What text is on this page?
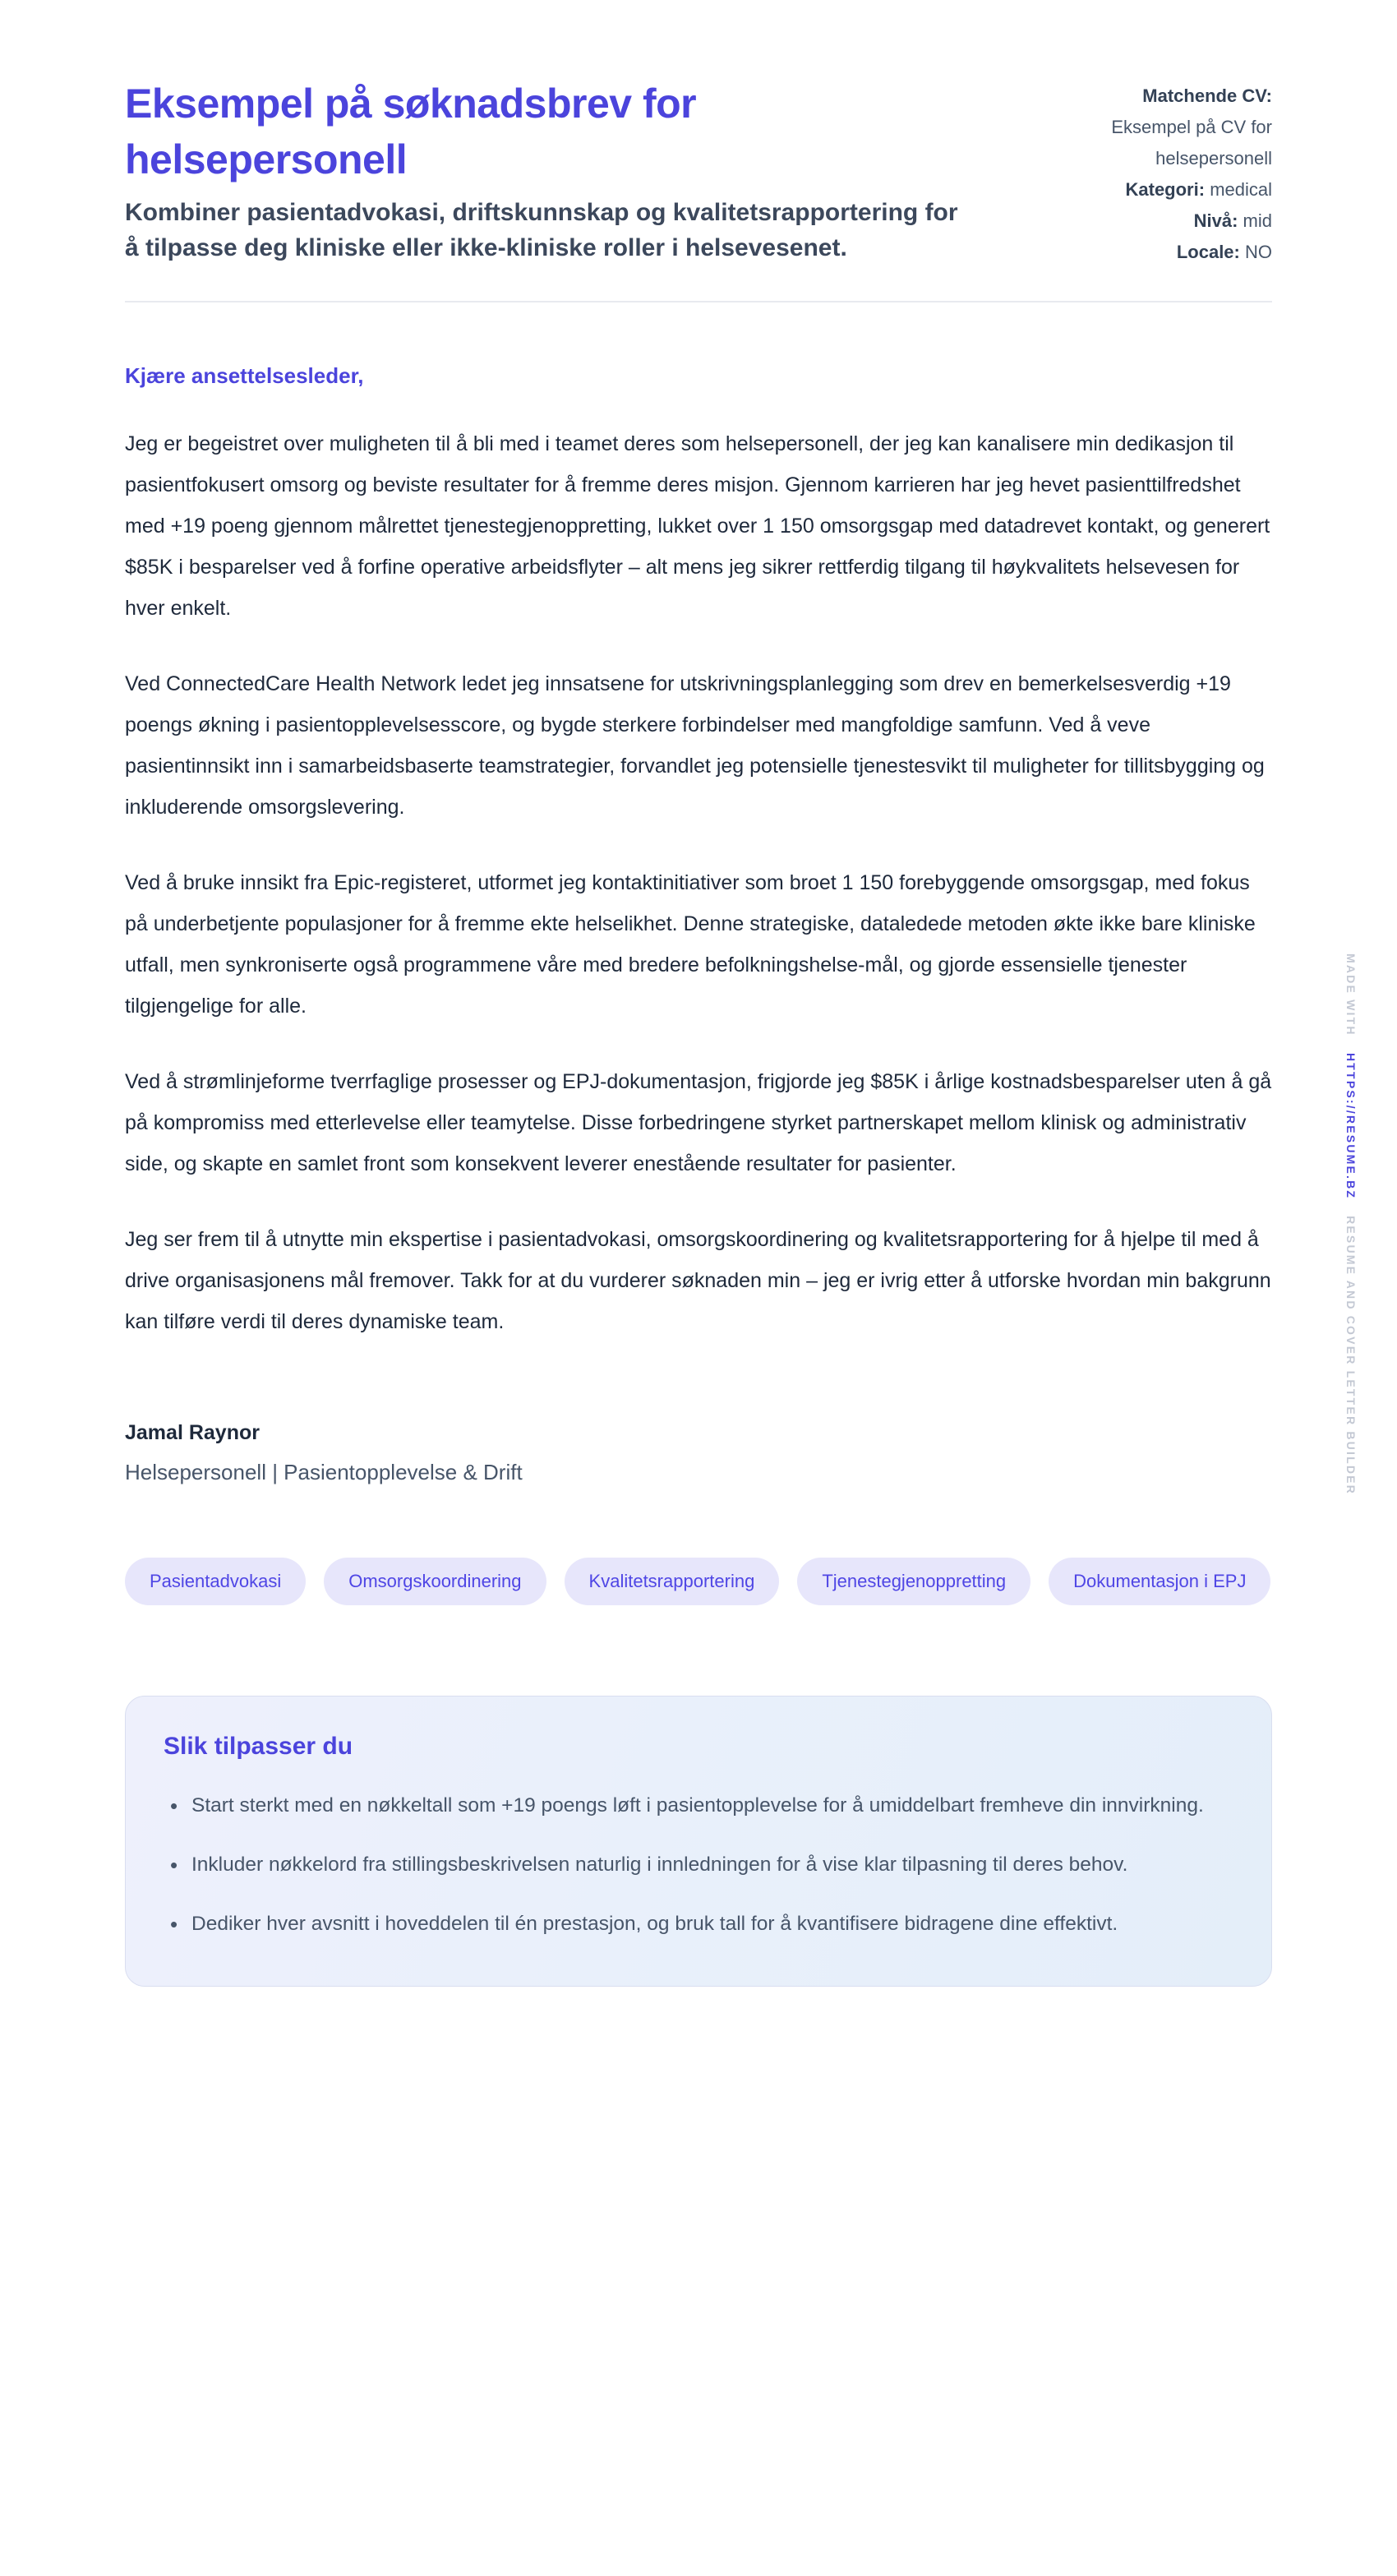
Eksempel på søknadsbrev for helsepersonell

Kombiner pasientadvokasi, driftskunnskap og kvalitetsrapportering for å tilpasse deg kliniske eller ikke-kliniske roller i helsevesenet.

Matchende CV:
Eksempel på CV for helsepersonell
Kategori: medical
Nivå: mid
Locale: NO

Kjære ansettelsesleder,

Jeg er begeistret over muligheten til å bli med i teamet deres som helsepersonell, der jeg kan kanalisere min dedikasjon til pasientfokusert omsorg og beviste resultater for å fremme deres misjon. Gjennom karrieren har jeg hevet pasienttilfredshet med +19 poeng gjennom målrettet tjenestegjenoppretting, lukket over 1 150 omsorgsgap med datadrevet kontakt, og generert $85K i besparelser ved å forfine operative arbeidsflyter – alt mens jeg sikrer rettferdig tilgang til høykvalitets helsevesen for hver enkelt.

Ved ConnectedCare Health Network ledet jeg innsatsene for utskrivningsplanlegging som drev en bemerkelsesverdig +19 poengs økning i pasientopplevelsesscore, og bygde sterkere forbindelser med mangfoldige samfunn. Ved å veve pasientinnsikt inn i samarbeidsbaserte teamstrategier, forvandlet jeg potensielle tjenestesvikt til muligheter for tillitsbygging og inkluderende omsorgslevering.

Ved å bruke innsikt fra Epic-registeret, utformet jeg kontaktinitiativer som broet 1 150 forebyggende omsorgsgap, med fokus på underbetjente populasjoner for å fremme ekte helselikhet. Denne strategiske, dataledede metoden økte ikke bare kliniske utfall, men synkroniserte også programmene våre med bredere befolkningshelse-mål, og gjorde essensielle tjenester tilgjengelige for alle.

Ved å strømlinjeforme tverrfaglige prosesser og EPJ-dokumentasjon, frigjorde jeg $85K i årlige kostnadsbesparelser uten å gå på kompromiss med etterlevelse eller teamytelse. Disse forbedringene styrket partnerskapet mellom klinisk og administrativ side, og skapte en samlet front som konsekvent leverer enestående resultater for pasienter.

Jeg ser frem til å utnytte min ekspertise i pasientadvokasi, omsorgskoordinering og kvalitetsrapportering for å hjelpe til med å drive organisasjonens mål fremover. Takk for at du vurderer søknaden min – jeg er ivrig etter å utforske hvordan min bakgrunn kan tilføre verdi til deres dynamiske team.

Jamal Raynor

Helsepersonell | Pasientopplevelse & Drift

Pasientadvokasi	Omsorgskoordinering	Kvalitetsrapportering	Tjenestegjenoppretting	Dokumentasjon i EPJ
Slik tilpasser du
• Start sterkt med en nøkkeltall som +19 poengs løft i pasientopplevelse for å umiddelbart fremheve din innvirkning.
• Inkluder nøkkelord fra stillingsbeskrivelsen naturlig i innledningen for å vise klar tilpasning til deres behov.
• Dediker hver avsnitt i hoveddelen til én prestasjon, og bruk tall for å kvantifisere bidragene dine effektivt.
MADE WITH HTTPS://RESUME.BZ RESUME AND COVER LETTER BUILDER
